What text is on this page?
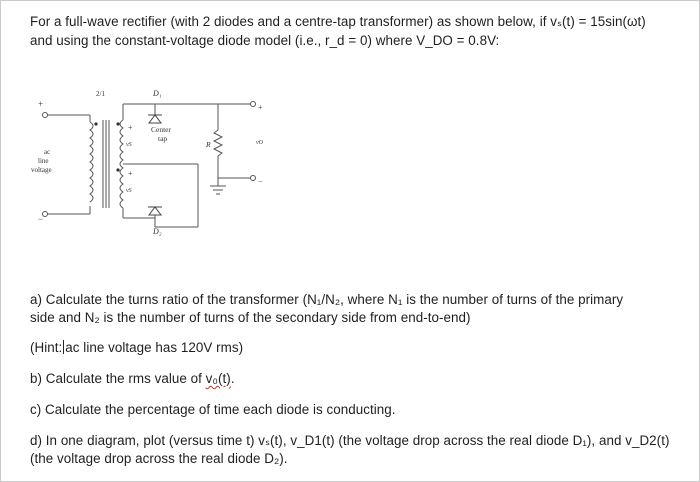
For a full-wave rectifier (with 2 diodes and a centre-tap transformer) as shown below, if vₛ(t) = 15sin(ωt)
and using the constant-voltage diode model (i.e., r_d = 0) where V_DO = 0.8V:
+
−
+
+
+
−
ac
line
voltage
2/1	D₁
D₂
Center
tap
vS
vS
R	vO
a) Calculate the turns ratio of the transformer (N₁/N₂, where N₁ is the number of turns of the primary
side and N₂ is the number of turns of the secondary side from end-to-end)
(Hint: ac line voltage has 120V rms)
b) Calculate the rms value of v₀(t).
c) Calculate the percentage of time each diode is conducting.
d) In one diagram, plot (versus time t) vₛ(t), v_D1(t) (the voltage drop across the real diode D₁), and v_D2(t)
(the voltage drop across the real diode D₂).
